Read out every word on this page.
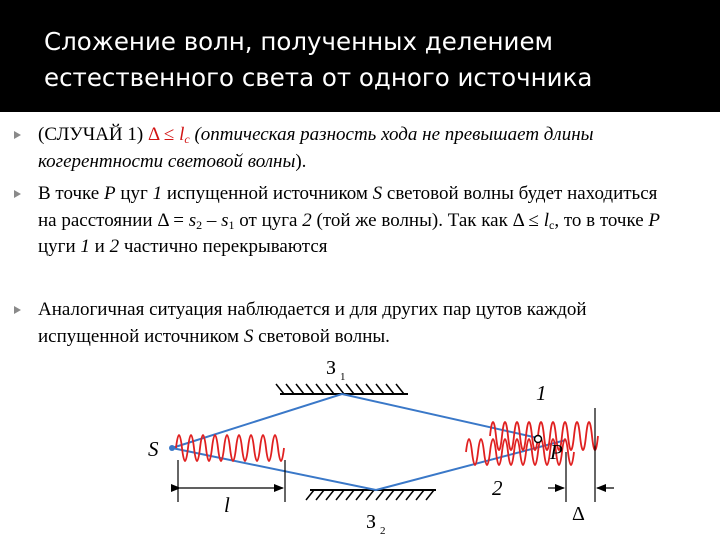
Сложение волн, полученных делением естественного света от одного источника
(СЛУЧАЙ 1) $\Delta \le l_c$ (оптическая разность хода не превышает длины когерентности световой волны).
В точке P цуг 1 испущенной источником S световой волны будет находиться на расстоянии $\Delta = s_2 - s_1$ от цуга 2 (той же волны). Так как $\Delta \le l_c$, то в точке P цуги 1 и 2 частично перекрываются
Аналогичная ситуация наблюдается и для других пар цутов каждой испущенной источником S световой волны.
З 1
З 2
S	P
1
2
l	Δ
